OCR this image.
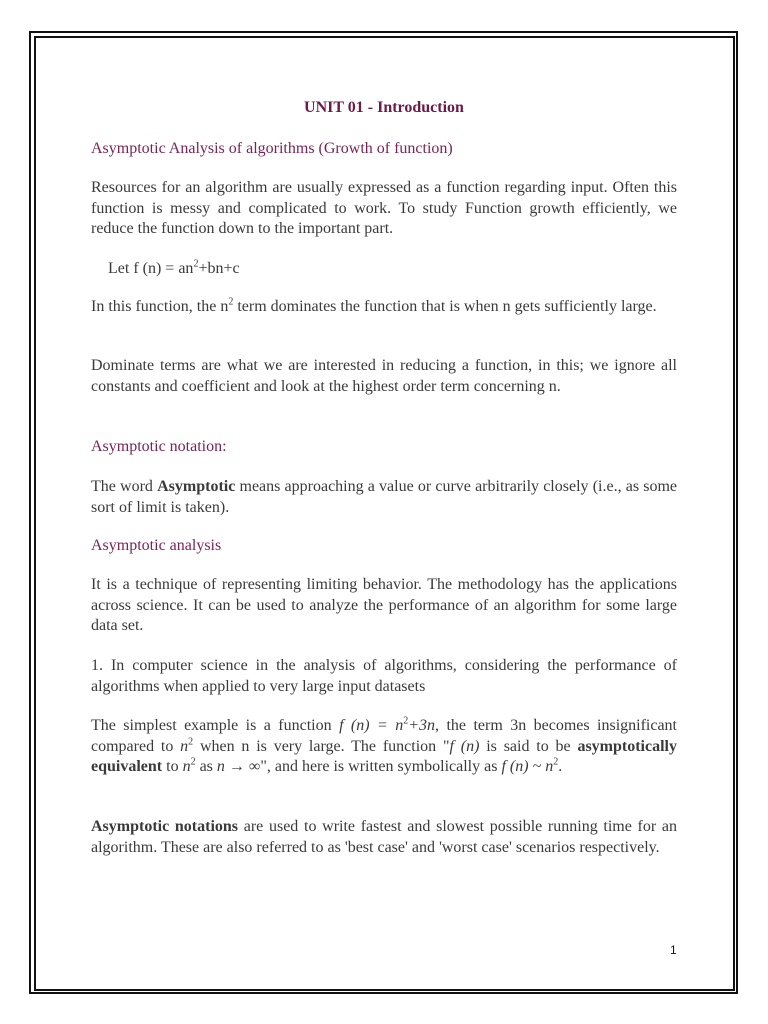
UNIT 01 - Introduction
Asymptotic Analysis of algorithms (Growth of function)

Resources for an algorithm are usually expressed as a function regarding input. Often this function is messy and complicated to work. To study Function growth efficiently, we reduce the function down to the important part.

Let f $(n) = an^2+bn+c$

In this function, the $n^2$ term dominates the function that is when n gets sufficiently large.

Dominate terms are what we are interested in reducing a function, in this; we ignore all constants and coefficient and look at the highest order term concerning n.

Asymptotic notation:

The word Asymptotic means approaching a value or curve arbitrarily closely (i.e., as some sort of limit is taken).

Asymptotic analysis

It is a technique of representing limiting behavior. The methodology has the applications across science. It can be used to analyze the performance of an algorithm for some large data set.

1. In computer science in the analysis of algorithms, considering the performance of algorithms when applied to very large input datasets

The simplest example is a function f $(n) = n^2+3n$, the term 3n becomes insignificant compared to $n^2$ when n is very large. The function "f (n) is said to be asymptotically equivalent to $n^2$ as n → ∞", and here is written symbolically as f (n) ~ $n^2$.

Asymptotic notations are used to write fastest and slowest possible running time for an algorithm. These are also referred to as 'best case' and 'worst case' scenarios respectively.

1
